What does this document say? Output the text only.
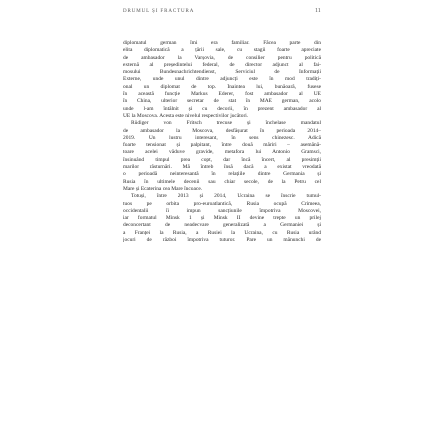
DRUMUL ȘI FRACTURA	11
diplomatul german îmi era familiar. Făcea parte din
elita diplomatică a țării sale, cu stagii foarte apreciate
de ambasador la Varșovia, de consilier pentru politică
externă al președintelui federal, de director adjunct al fai-
mosului Bundesnachrichtendienst, Serviciul de Informații
Externe, unde unul dintre adjuncți este în mod tradiți-
onal un diplomat de top. Înaintea lui, bunăoară, fusese
în această funcție Markus Ederer, fost ambasador al UE
în China, ulterior secretar de stat în MAE german, acolo
unde l-am întâlnit și cu decorii, în prezent ambasador al
UE la Moscova. Acesta este nivelul respectivilor jucători.
Rüdiger von Fritsch trecuse și închelase mandatul
de ambasador la Moscova, desfășurat în perioada 2014–
2019. Un lustru interesant, în sens chinezesc. Adică
foarte tensionat și palpitant, între două măriri – asemănă-
toare acelei văduve gravide, metafora lui Antonio Gramsci,
însinuând timpul prea copt, dar încă încert, al presimții
marilor răsturnări. Mă întreb însă dacă a existat vreodată
o perioadă neinteresantă în relațiile dintre Germania și
Rusia în ultimele decenii sau chiar secole, de la Petru cel
Mare și Ecaterina cea Mare încoace.
Totuși, între 2013 și 2014, Ucraina se înscrie tumul-
tuos pe orbita pro-euroatlantică, Rusia ocupă Crimeea,
occidentalii îi impun sancțiunile împotriva Moscovei,
iar formatul Minsk 1 și Minsk II devine trepte un prilej
deconcertant de neadecvare generalizată a Germaniei și
a Franței la Rusia, a Rusiei la Ucraina, cu Rusia urând
jocuri de război împotriva tuturor. Pare un mănunchi de
